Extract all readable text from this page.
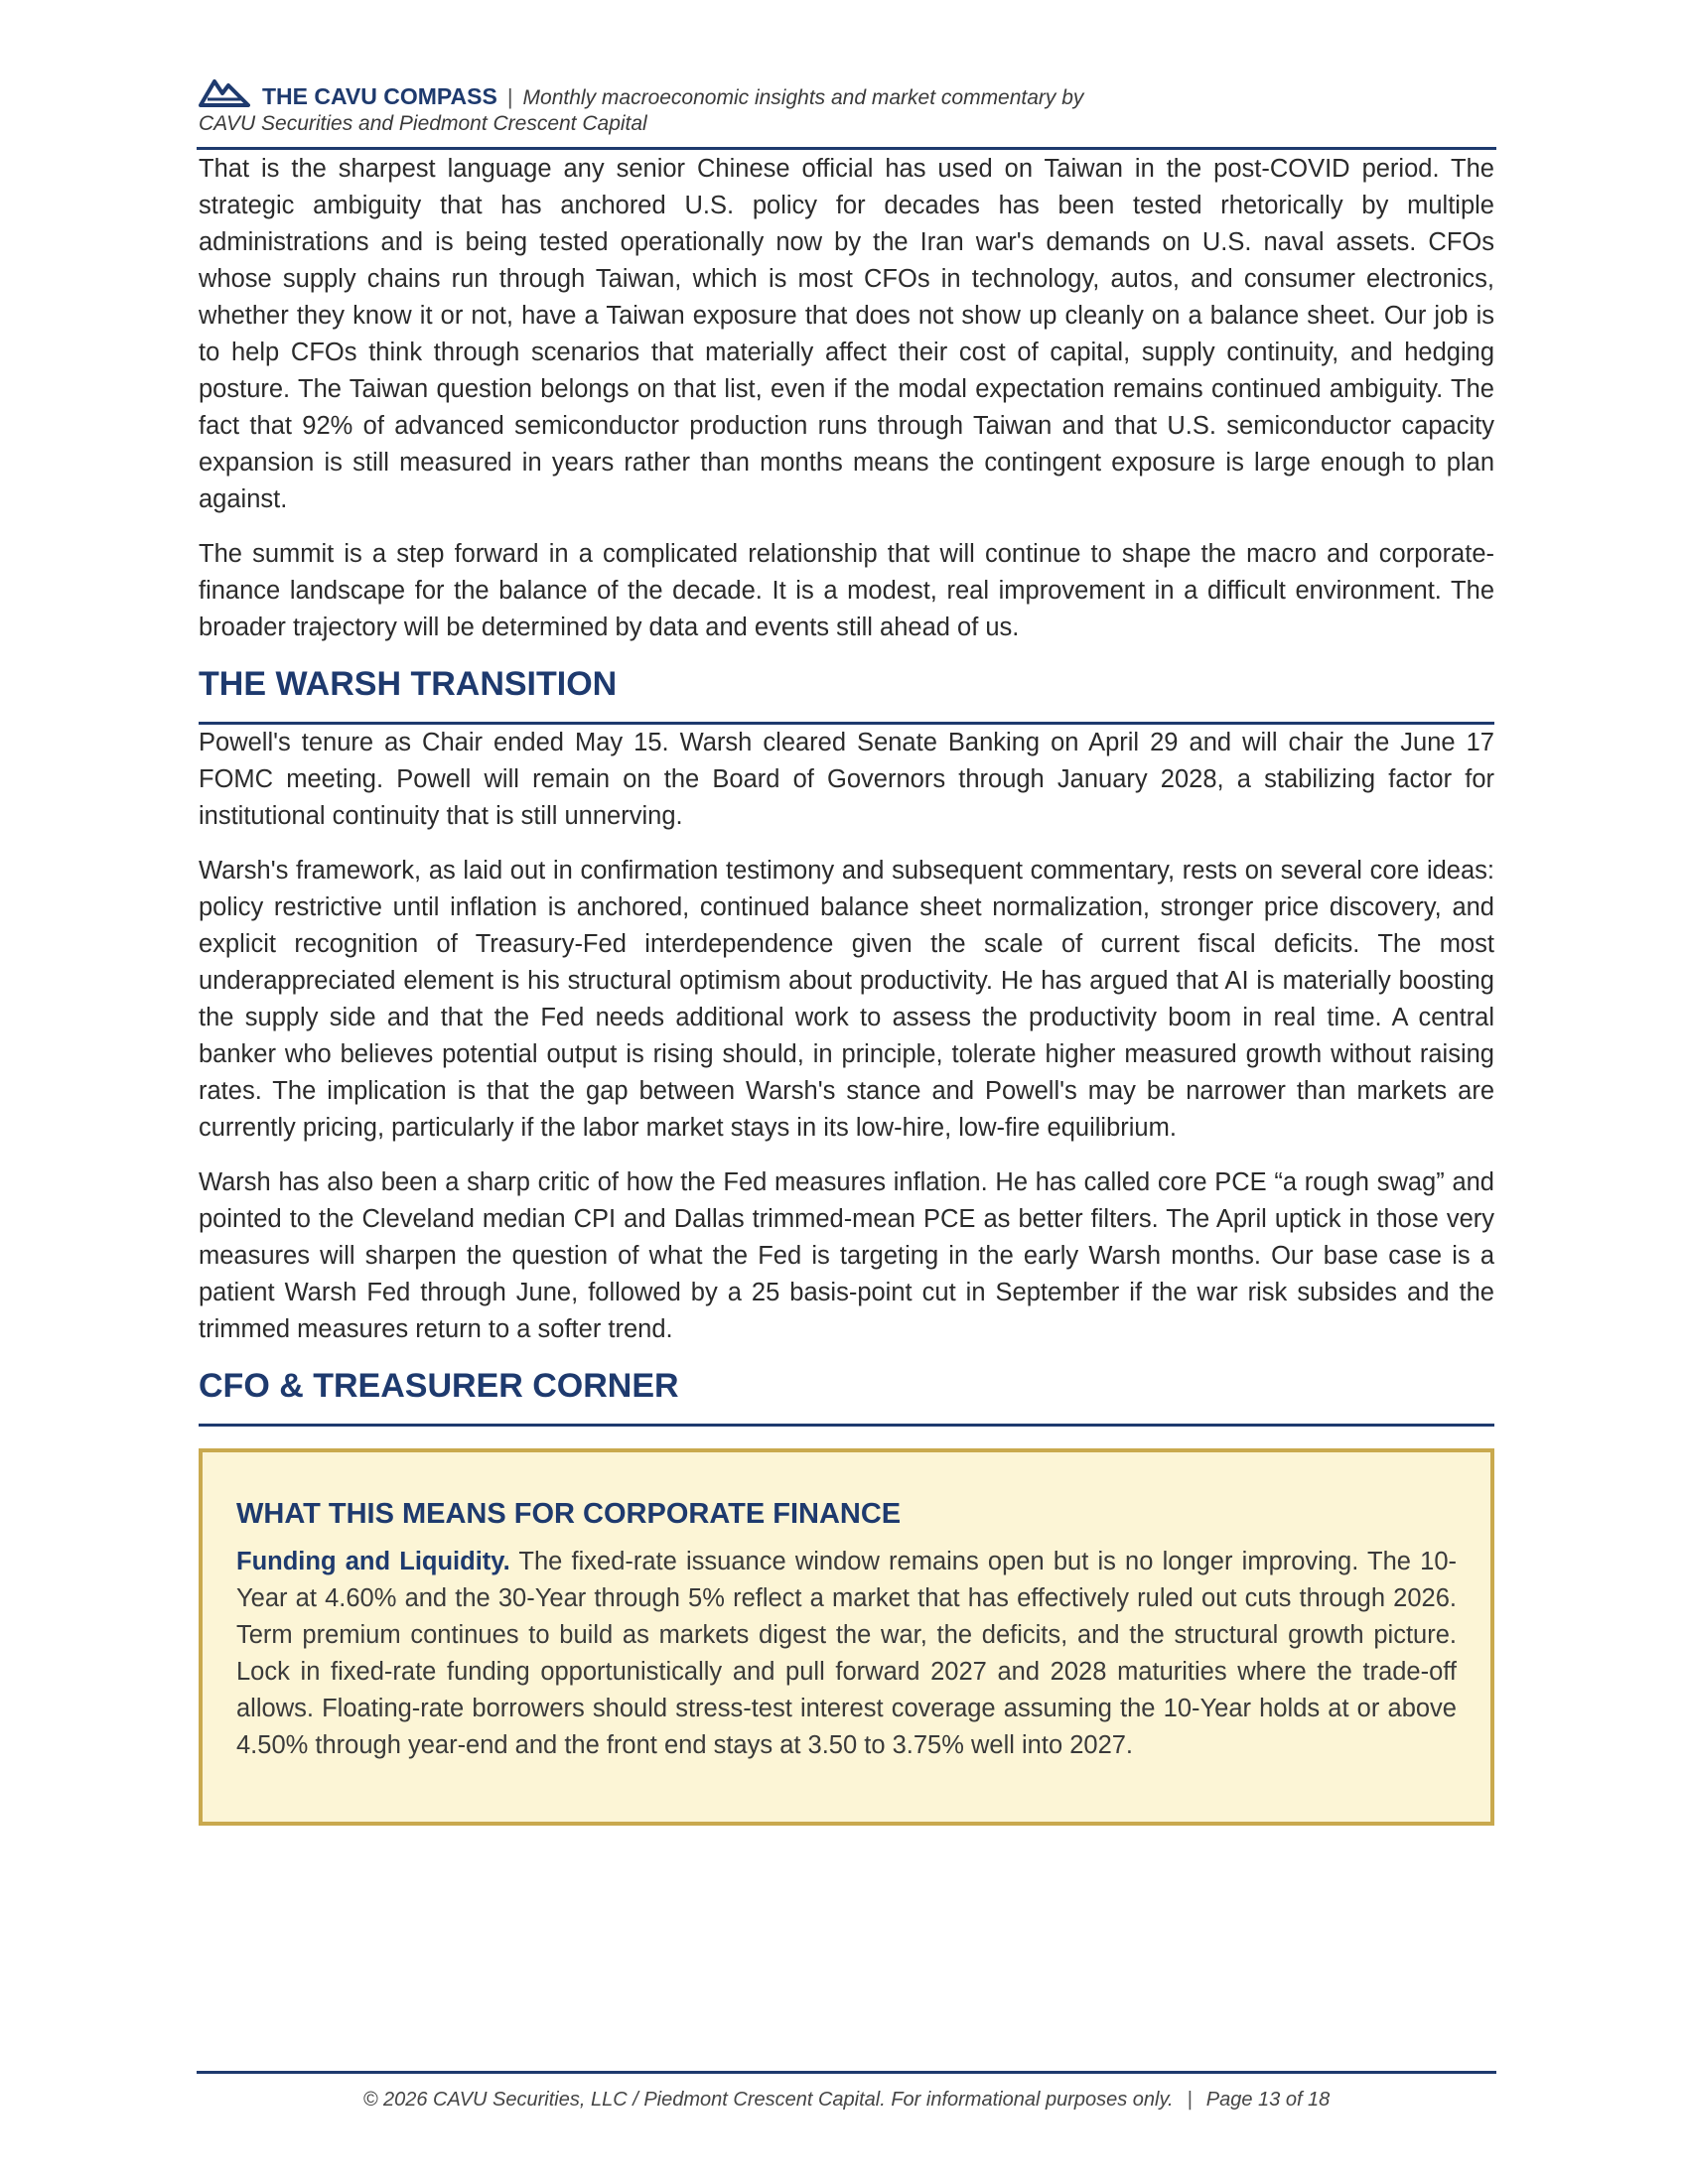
THE CAVU COMPASS | Monthly macroeconomic insights and market commentary by
CAVU Securities and Piedmont Crescent Capital

That is the sharpest language any senior Chinese official has used on Taiwan in the post-COVID period. The strategic ambiguity that has anchored U.S. policy for decades has been tested rhetorically by multiple administrations and is being tested operationally now by the Iran war's demands on U.S. naval assets. CFOs whose supply chains run through Taiwan, which is most CFOs in technology, autos, and consumer electronics, whether they know it or not, have a Taiwan exposure that does not show up cleanly on a balance sheet. Our job is to help CFOs think through scenarios that materially affect their cost of capital, supply continuity, and hedging posture. The Taiwan question belongs on that list, even if the modal expectation remains continued ambiguity. The fact that 92% of advanced semiconductor production runs through Taiwan and that U.S. semiconductor capacity expansion is still measured in years rather than months means the contingent exposure is large enough to plan against.

The summit is a step forward in a complicated relationship that will continue to shape the macro and corporate-finance landscape for the balance of the decade. It is a modest, real improvement in a difficult environment. The broader trajectory will be determined by data and events still ahead of us.

THE WARSH TRANSITION

Powell's tenure as Chair ended May 15. Warsh cleared Senate Banking on April 29 and will chair the June 17 FOMC meeting. Powell will remain on the Board of Governors through January 2028, a stabilizing factor for institutional continuity that is still unnerving.

Warsh's framework, as laid out in confirmation testimony and subsequent commentary, rests on several core ideas: policy restrictive until inflation is anchored, continued balance sheet normalization, stronger price discovery, and explicit recognition of Treasury-Fed interdependence given the scale of current fiscal deficits. The most underappreciated element is his structural optimism about productivity. He has argued that AI is materially boosting the supply side and that the Fed needs additional work to assess the productivity boom in real time. A central banker who believes potential output is rising should, in principle, tolerate higher measured growth without raising rates. The implication is that the gap between Warsh's stance and Powell's may be narrower than markets are currently pricing, particularly if the labor market stays in its low-hire, low-fire equilibrium.

Warsh has also been a sharp critic of how the Fed measures inflation. He has called core PCE “a rough swag” and pointed to the Cleveland median CPI and Dallas trimmed-mean PCE as better filters. The April uptick in those very measures will sharpen the question of what the Fed is targeting in the early Warsh months. Our base case is a patient Warsh Fed through June, followed by a 25 basis-point cut in September if the war risk subsides and the trimmed measures return to a softer trend.

CFO & TREASURER CORNER
WHAT THIS MEANS FOR CORPORATE FINANCE

Funding and Liquidity. The fixed-rate issuance window remains open but is no longer improving. The 10-Year at 4.60% and the 30-Year through 5% reflect a market that has effectively ruled out cuts through 2026. Term premium continues to build as markets digest the war, the deficits, and the structural growth picture. Lock in fixed-rate funding opportunistically and pull forward 2027 and 2028 maturities where the trade-off allows. Floating-rate borrowers should stress-test interest coverage assuming the 10-Year holds at or above 4.50% through year-end and the front end stays at 3.50 to 3.75% well into 2027.

© 2026 CAVU Securities, LLC / Piedmont Crescent Capital. For informational purposes only. | Page 13 of 18
